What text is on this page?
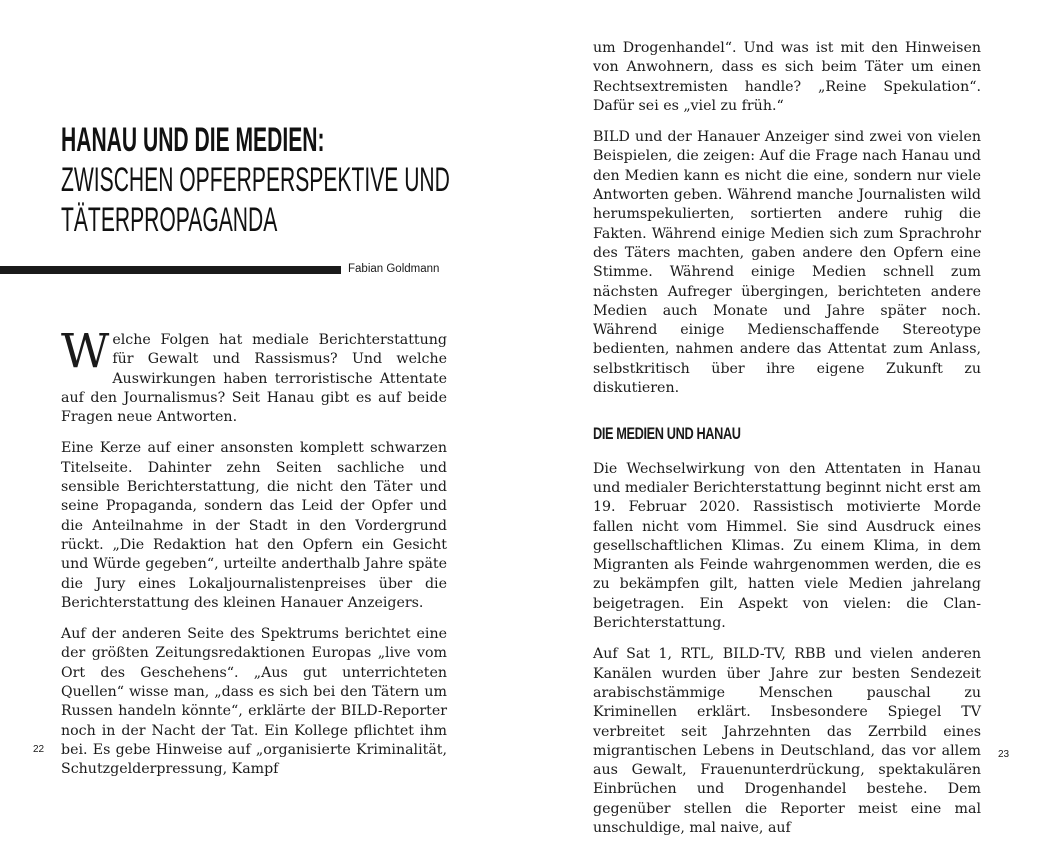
HANAU UND DIE MEDIEN:
ZWISCHEN OPFERPERSPEKTIVE UND
TÄTERPROPAGANDA
Fabian Goldmann

Welche Folgen hat mediale Berichterstattung für Gewalt und Rassismus? Und welche Auswirkungen haben terroristische Attentate auf den Journalismus? Seit Hanau gibt es auf beide Fragen neue Antworten.

Eine Kerze auf einer ansonsten komplett schwarzen Titelseite. Dahinter zehn Seiten sachliche und sensible Berichterstattung, die nicht den Täter und seine Propaganda, sondern das Leid der Opfer und die Anteilnahme in der Stadt in den Vordergrund rückt. „Die Redaktion hat den Opfern ein Gesicht und Würde gegeben“, urteilte anderthalb Jahre späte die Jury eines Lokaljournalistenpreises über die Berichterstattung des kleinen Hanauer Anzeigers.

Auf der anderen Seite des Spektrums berichtet eine der größten Zeitungsredaktionen Europas „live vom Ort des Geschehens“. „Aus gut unterrichteten Quellen“ wisse man, „dass es sich bei den Tätern um Russen handeln könnte“, erklärte der BILD-Reporter noch in der Nacht der Tat. Ein Kollege pflichtet ihm bei. Es gebe Hinweise auf „organisierte Kriminalität, Schutzgelderpressung, Kampf

22

um Drogenhandel“. Und was ist mit den Hinweisen von Anwohnern, dass es sich beim Täter um einen Rechtsextremisten handle? „Reine Spekulation“. Dafür sei es „viel zu früh.“

BILD und der Hanauer Anzeiger sind zwei von vielen Beispielen, die zeigen: Auf die Frage nach Hanau und den Medien kann es nicht die eine, sondern nur viele Antworten geben. Während manche Journalisten wild herumspekulierten, sortierten andere ruhig die Fakten. Während einige Medien sich zum Sprachrohr des Täters machten, gaben andere den Opfern eine Stimme. Während einige Medien schnell zum nächsten Aufreger übergingen, berichteten andere Medien auch Monate und Jahre später noch. Während einige Medienschaffende Stereotype bedienten, nahmen andere das Attentat zum Anlass, selbstkritisch über ihre eigene Zukunft zu diskutieren.

DIE MEDIEN UND HANAU

Die Wechselwirkung von den Attentaten in Hanau und medialer Berichterstattung beginnt nicht erst am 19. Februar 2020. Rassistisch motivierte Morde fallen nicht vom Himmel. Sie sind Ausdruck eines gesellschaftlichen Klimas. Zu einem Klima, in dem Migranten als Feinde wahrgenommen werden, die es zu bekämpfen gilt, hatten viele Medien jahrelang beigetragen. Ein Aspekt von vielen: die Clan-Berichterstattung.

Auf Sat 1, RTL, BILD-TV, RBB und vielen anderen Kanälen wurden über Jahre zur besten Sendezeit arabischstämmige Menschen pauschal zu Kriminellen erklärt. Insbesondere Spiegel TV verbreitet seit Jahrzehnten das Zerrbild eines migrantischen Lebens in Deutschland, das vor allem aus Gewalt, Frauenunterdrückung, spektakulären Einbrüchen und Drogenhandel bestehe. Dem gegenüber stellen die Reporter meist eine mal unschuldige, mal naive, auf

23
